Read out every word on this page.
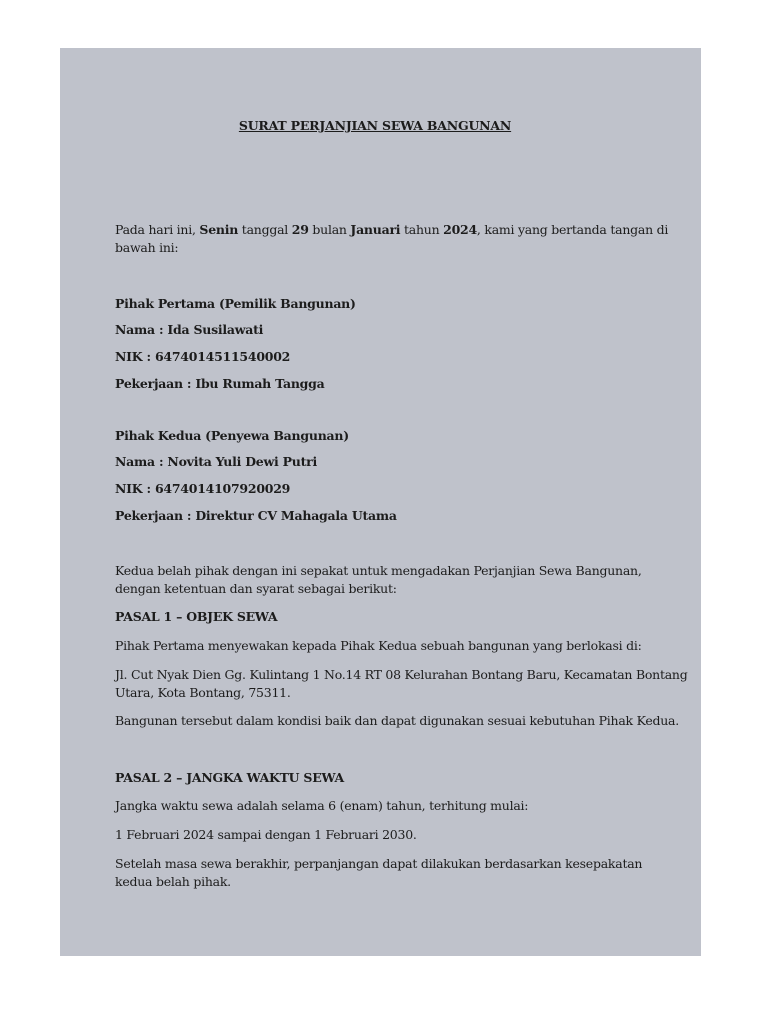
SURAT PERJANJIAN SEWA BANGUNAN
Pada hari ini, Senin tanggal 29 bulan Januari tahun 2024, kami yang bertanda tangan di
bawah ini:
Pihak Pertama (Pemilik Bangunan)
Nama : Ida Susilawati
NIK : 6474014511540002
Pekerjaan : Ibu Rumah Tangga
Pihak Kedua (Penyewa Bangunan)
Nama : Novita Yuli Dewi Putri
NIK : 6474014107920029
Pekerjaan : Direktur CV Mahagala Utama
Kedua belah pihak dengan ini sepakat untuk mengadakan Perjanjian Sewa Bangunan,
dengan ketentuan dan syarat sebagai berikut:
PASAL 1 – OBJEK SEWA
Pihak Pertama menyewakan kepada Pihak Kedua sebuah bangunan yang berlokasi di:
Jl. Cut Nyak Dien Gg. Kulintang 1 No.14 RT 08 Kelurahan Bontang Baru, Kecamatan Bontang
Utara, Kota Bontang, 75311.
Bangunan tersebut dalam kondisi baik dan dapat digunakan sesuai kebutuhan Pihak Kedua.
PASAL 2 – JANGKA WAKTU SEWA
Jangka waktu sewa adalah selama 6 (enam) tahun, terhitung mulai:
1 Februari 2024 sampai dengan 1 Februari 2030.
Setelah masa sewa berakhir, perpanjangan dapat dilakukan berdasarkan kesepakatan
kedua belah pihak.
